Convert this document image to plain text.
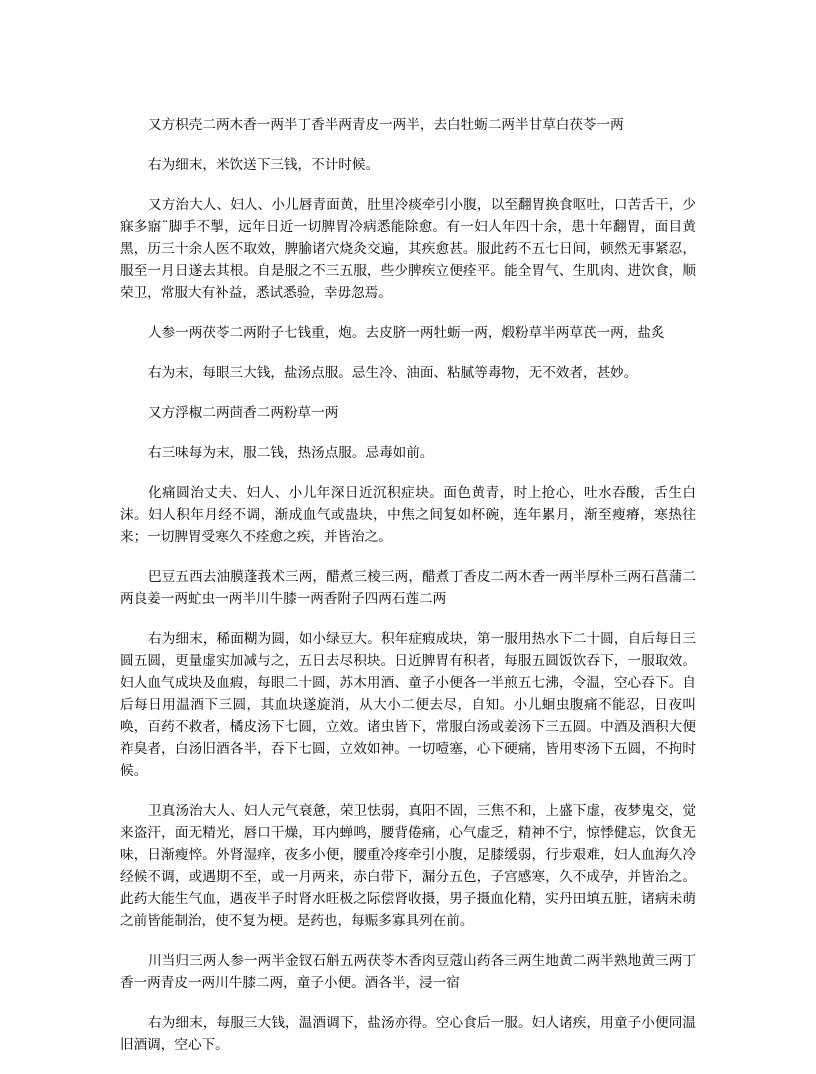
又方枳壳二两木香一两半丁香半两青皮一两半，去白牡蛎二两半甘草白茯苓一两

右为细末，米饮送下三钱，不计时候。

又方治大人、妇人、小儿唇青面黄，肚里冷痰牵引小腹，以至翻胃换食呕吐，口苦舌干，少寐多寤¨脚手不掣，远年日近一切脾胃冷病悉能除愈。有一妇人年四十余，患十年翻胃，面目黄黑，历三十余人医不取效，脾腧诸穴烧灸交遍，其疾愈甚。服此药不五七日间，顿然无事紧忍，服至一月日遂去其根。自是服之不三五服，些少脾疾立便痊平。能全胃气、生肌肉、进饮食，顺荣卫，常服大有补益，悉试悉验，幸毋忽焉。

人参一两茯苓二两附子七钱重，炮。去皮脐一两牡蛎一两，煅粉草半两草芪一两，盐炙

右为末，每眼三大钱，盐汤点服。忌生冷、油面、粘腻等毒物，无不效者，甚妙。

又方浮椒二两茴香二两粉草一两

右三味每为末，服二钱，热汤点服。忌毒如前。

化痛圆治丈夫、妇人、小儿年深日近沉积症块。面色黄青，时上抢心，吐水吞酸，舌生白沫。妇人积年月经不调，渐成血气或蛊块，中焦之间复如杯碗，连年累月，渐至瘦瘠，寒热往来；一切脾胃受寒久不痊愈之疾，并皆治之。

巴豆五西去油膜蓬莪术三两，醋煮三棱三两，醋煮丁香皮二两木香一两半厚朴三两石菖蒲二两良姜一两虻虫一两半川牛膝一两香附子四两石莲二两

右为细末，稀面糊为圆，如小绿豆大。积年症瘕成块，第一服用热水下二十圆，自后每日三圆五圆，更量虚实加减与之，五日去尽积块。日近脾胃有积者，每服五圆饭饮吞下，一服取效。妇人血气成块及血瘕，每眼二十圆，苏木用酒、童子小便各一半煎五七沸，令温，空心吞下。自后每日用温酒下三圆，其血块遂旋消，从大小二便去尽，自知。小儿蛔虫腹痛不能忍，日夜叫唤，百药不救者，橘皮汤下七圆，立效。诸虫皆下，常服白汤或姜汤下三五圆。中酒及酒积大便祚臭者，白汤旧酒各半，吞下七圆，立效如神。一切噎塞，心下硬痛，皆用枣汤下五圆，不拘时候。

卫真汤治大人、妇人元气衰惫，荣卫怯弱，真阳不固，三焦不和，上盛下虚，夜梦鬼交，觉来盗汗，面无精光，唇口干燥，耳内蝉鸣，腰背倦痛，心气虚乏，精神不宁，惊悸健忘，饮食无味，日渐瘦悴。外肾湿痒，夜多小便，腰重冷疼牵引小腹，足膝缓弱，行步艰难，妇人血海久冷经候不调，或遇期不至，或一月两来，赤白带下，漏分五色，子宫感寒，久不成孕，并皆治之。此药大能生气血，遇夜半子时肾水旺极之际偿肾收摄，男子摄血化精，实丹田填五脏，诸病未萌之前皆能制治，使不复为梗。是药也，每赈多寡具列在前。

川当归三两人参一两半金钗石斛五两茯苓木香肉豆蔻山药各三两生地黄二两半熟地黄三两丁香一两青皮一两川牛膝二两，童子小便。酒各半，浸一宿

右为细末，每服三大钱，温酒调下，盐汤亦得。空心食后一服。妇人诸疾，用童子小便同温旧酒调，空心下。
